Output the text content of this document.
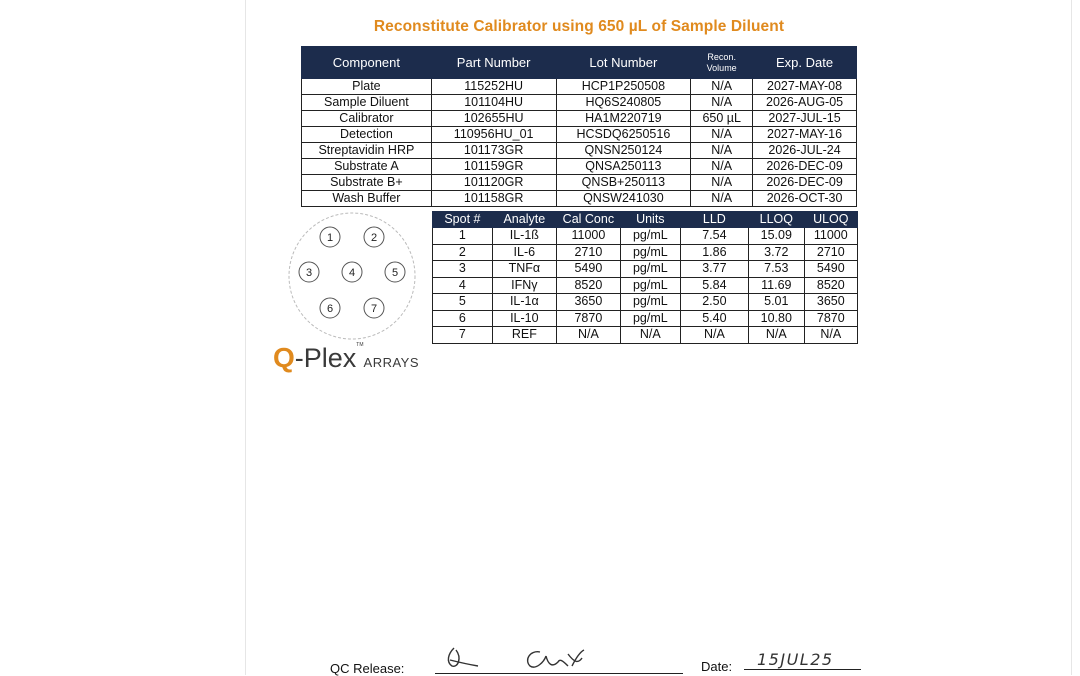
Reconstitute Calibrator using 650 µL of Sample Diluent
Component	Part Number	Lot Number	Recon. Volume	Exp. Date
Plate	115252HU	HCP1P250508	N/A	2027-MAY-08
Sample Diluent	101104HU	HQ6S240805	N/A	2026-AUG-05
Calibrator	102655HU	HA1M220719	650 µL	2027-JUL-15
Detection	110956HU_01	HCSDQ6250516	N/A	2027-MAY-16
Streptavidin HRP	101173GR	QNSN250124	N/A	2026-JUL-24
Substrate A	101159GR	QNSA250113	N/A	2026-DEC-09
Substrate B+	101120GR	QNSB+250113	N/A	2026-DEC-09
Wash Buffer	101158GR	QNSW241030	N/A	2026-OCT-30
1	2
3	4	5
6	7
Spot #	Analyte	Cal Conc	Units	LLD	LLOQ	ULOQ
1	IL-1ß	11000	pg/mL	7.54	15.09	11000
2	IL-6	2710	pg/mL	1.86	3.72	2710
3	TNFα	5490	pg/mL	3.77	7.53	5490
4	IFNγ	8520	pg/mL	5.84	11.69	8520
5	IL-1α	3650	pg/mL	2.50	5.01	3650
6	IL-10	7870	pg/mL	5.40	10.80	7870
7	REF	N/A	N/A	N/A	N/A	N/A
Q-Plex™ARRAYS
QC Release:	Date: 15JUL25
